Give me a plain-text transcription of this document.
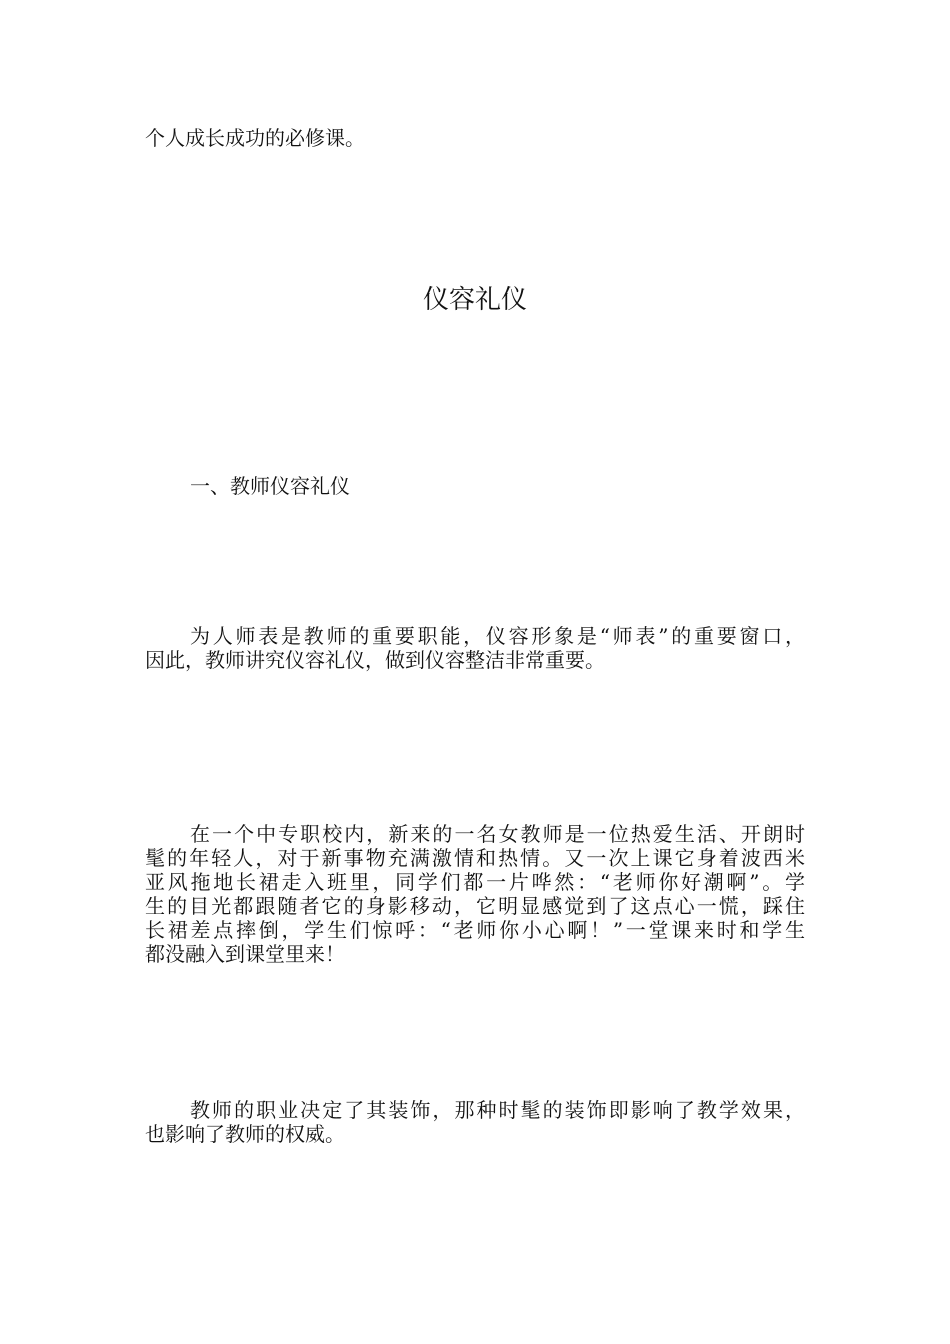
个人成长成功的必修课。

仪容礼仪

一、教师仪容礼仪

为人师表是教师的重要职能，仪容形象是“师表”的重要窗口，
因此，教师讲究仪容礼仪，做到仪容整洁非常重要。
在一个中专职校内，新来的一名女教师是一位热爱生活、开朗时
髦的年轻人，对于新事物充满激情和热情。又一次上课它身着波西米
亚风拖地长裙走入班里，同学们都一片哗然：“老师你好潮啊”。学
生的目光都跟随者它的身影移动，它明显感觉到了这点心一慌，踩住
长裙差点摔倒，学生们惊呼：“老师你小心啊！”一堂课来时和学生
都没融入到课堂里来！
教师的职业决定了其装饰，那种时髦的装饰即影响了教学效果，
也影响了教师的权威。
